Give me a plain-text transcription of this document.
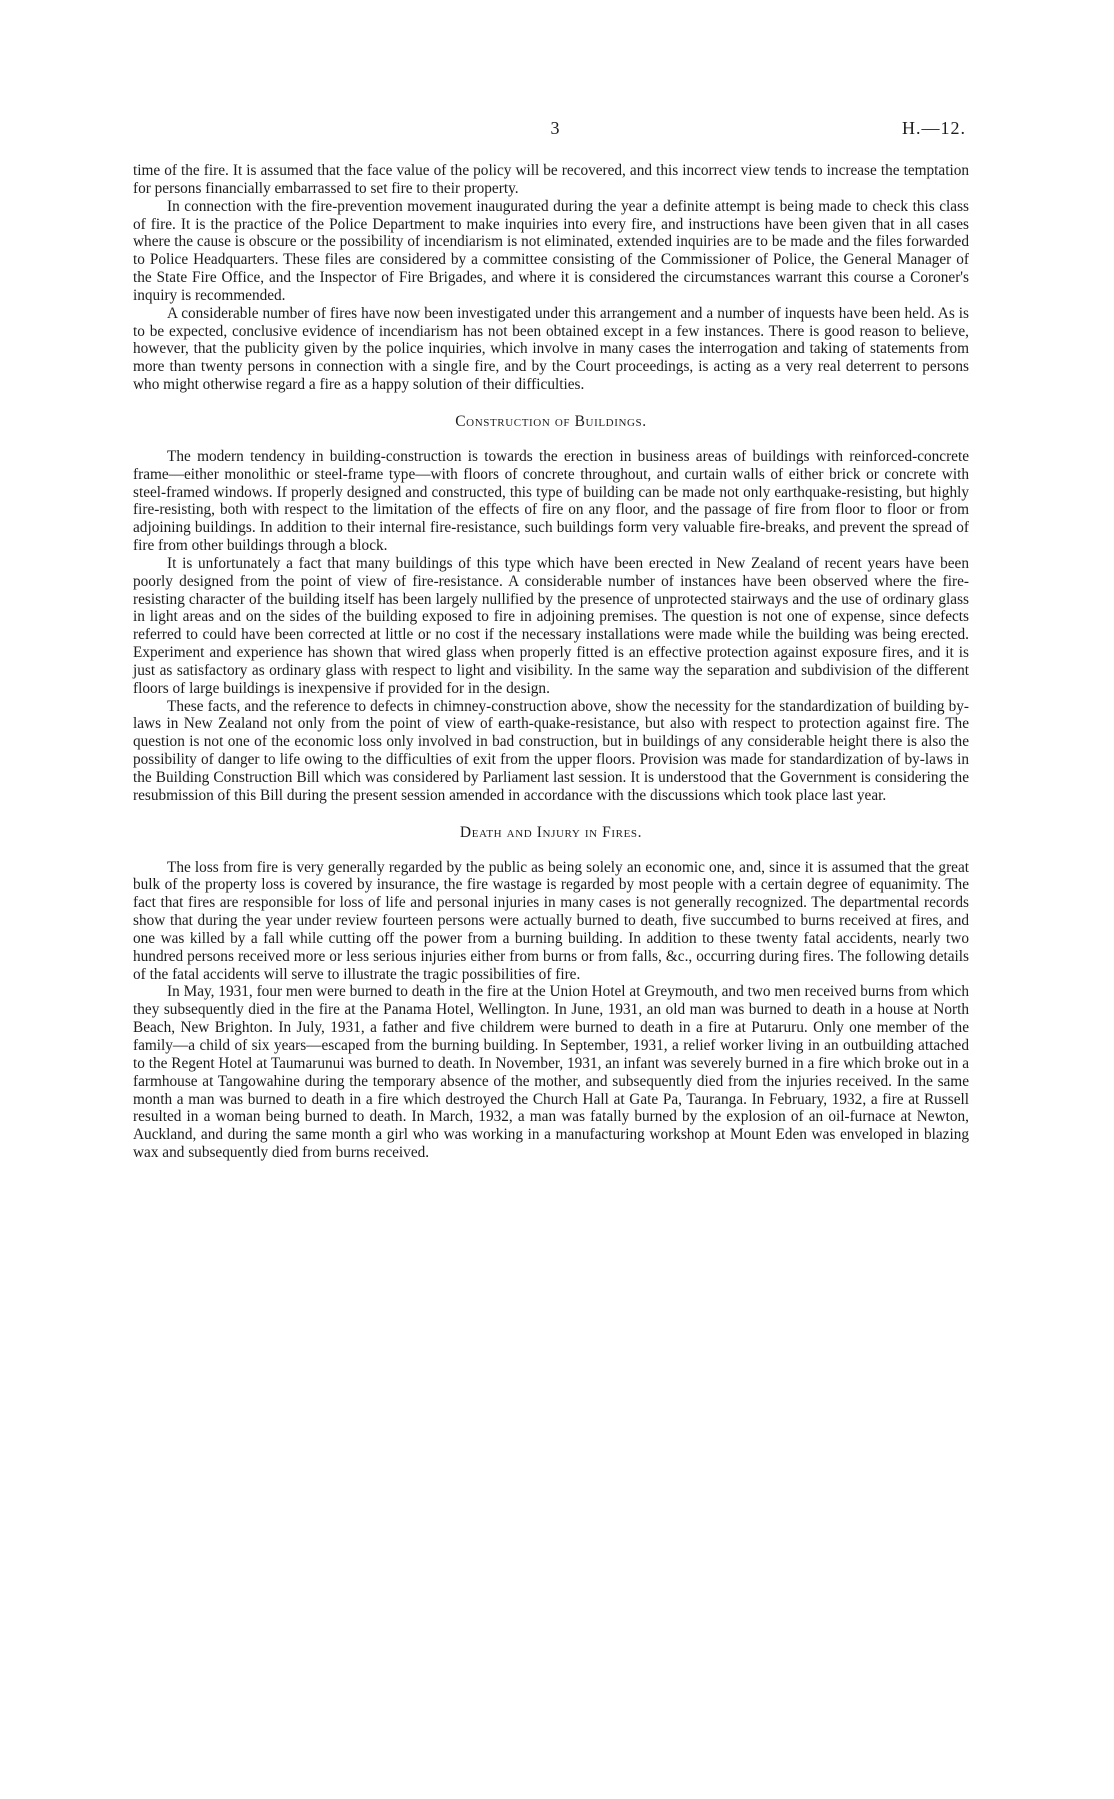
3	H.—12.

time of the fire. It is assumed that the face value of the policy will be recovered, and this incorrect view tends to increase the temptation for persons financially embarrassed to set fire to their property.

In connection with the fire-prevention movement inaugurated during the year a definite attempt is being made to check this class of fire. It is the practice of the Police Department to make inquiries into every fire, and instructions have been given that in all cases where the cause is obscure or the possibility of incendiarism is not eliminated, extended inquiries are to be made and the files forwarded to Police Headquarters. These files are considered by a committee consisting of the Commissioner of Police, the General Manager of the State Fire Office, and the Inspector of Fire Brigades, and where it is considered the circumstances warrant this course a Coroner's inquiry is recommended.

A considerable number of fires have now been investigated under this arrangement and a number of inquests have been held. As is to be expected, conclusive evidence of incendiarism has not been obtained except in a few instances. There is good reason to believe, however, that the publicity given by the police inquiries, which involve in many cases the interrogation and taking of statements from more than twenty persons in connection with a single fire, and by the Court proceedings, is acting as a very real deterrent to persons who might otherwise regard a fire as a happy solution of their difficulties.

Construction of Buildings.

The modern tendency in building-construction is towards the erection in business areas of buildings with reinforced-concrete frame—either monolithic or steel-frame type—with floors of concrete throughout, and curtain walls of either brick or concrete with steel-framed windows. If properly designed and constructed, this type of building can be made not only earthquake-resisting, but highly fire-resisting, both with respect to the limitation of the effects of fire on any floor, and the passage of fire from floor to floor or from adjoining buildings. In addition to their internal fire-resistance, such buildings form very valuable fire-breaks, and prevent the spread of fire from other buildings through a block.

It is unfortunately a fact that many buildings of this type which have been erected in New Zealand of recent years have been poorly designed from the point of view of fire-resistance. A considerable number of instances have been observed where the fire-resisting character of the building itself has been largely nullified by the presence of unprotected stairways and the use of ordinary glass in light areas and on the sides of the building exposed to fire in adjoining premises. The question is not one of expense, since defects referred to could have been corrected at little or no cost if the necessary installations were made while the building was being erected. Experiment and experience has shown that wired glass when properly fitted is an effective protection against exposure fires, and it is just as satisfactory as ordinary glass with respect to light and visibility. In the same way the separation and subdivision of the different floors of large buildings is inexpensive if provided for in the design.

These facts, and the reference to defects in chimney-construction above, show the necessity for the standardization of building by-laws in New Zealand not only from the point of view of earth-quake-resistance, but also with respect to protection against fire. The question is not one of the economic loss only involved in bad construction, but in buildings of any considerable height there is also the possibility of danger to life owing to the difficulties of exit from the upper floors. Provision was made for standardization of by-laws in the Building Construction Bill which was considered by Parliament last session. It is understood that the Government is considering the resubmission of this Bill during the present session amended in accordance with the discussions which took place last year.

Death and Injury in Fires.

The loss from fire is very generally regarded by the public as being solely an economic one, and, since it is assumed that the great bulk of the property loss is covered by insurance, the fire wastage is regarded by most people with a certain degree of equanimity. The fact that fires are responsible for loss of life and personal injuries in many cases is not generally recognized. The departmental records show that during the year under review fourteen persons were actually burned to death, five succumbed to burns received at fires, and one was killed by a fall while cutting off the power from a burning building. In addition to these twenty fatal accidents, nearly two hundred persons received more or less serious injuries either from burns or from falls, &c., occurring during fires. The following details of the fatal accidents will serve to illustrate the tragic possibilities of fire.

In May, 1931, four men were burned to death in the fire at the Union Hotel at Greymouth, and two men received burns from which they subsequently died in the fire at the Panama Hotel, Wellington. In June, 1931, an old man was burned to death in a house at North Beach, New Brighton. In July, 1931, a father and five childrem were burned to death in a fire at Putaruru. Only one member of the family—a child of six years—escaped from the burning building. In September, 1931, a relief worker living in an outbuilding attached to the Regent Hotel at Taumarunui was burned to death. In November, 1931, an infant was severely burned in a fire which broke out in a farmhouse at Tangowahine during the temporary absence of the mother, and subsequently died from the injuries received. In the same month a man was burned to death in a fire which destroyed the Church Hall at Gate Pa, Tauranga. In February, 1932, a fire at Russell resulted in a woman being burned to death. In March, 1932, a man was fatally burned by the explosion of an oil-furnace at Newton, Auckland, and during the same month a girl who was working in a manufacturing workshop at Mount Eden was enveloped in blazing wax and subsequently died from burns received.
